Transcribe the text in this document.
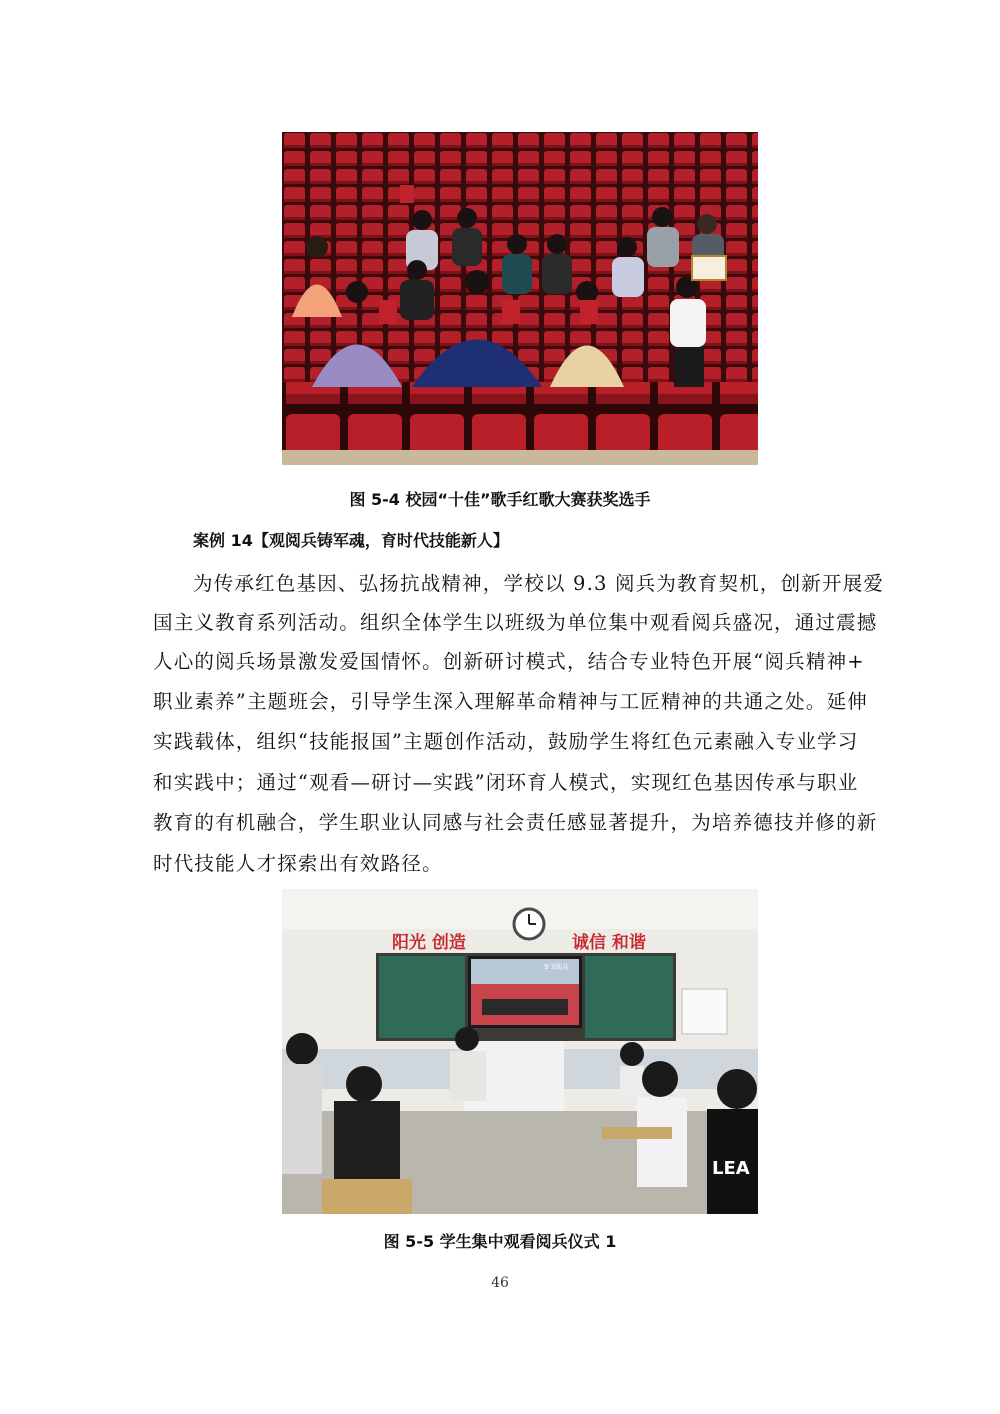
图 5-4 校园“十佳”歌手红歌大赛获奖选手
案例 14【观阅兵铸军魂，育时代技能新人】
为传承红色基因、弘扬抗战精神，学校以 9.3 阅兵为教育契机，创新开展爱
国主义教育系列活动。组织全体学生以班级为单位集中观看阅兵盛况，通过震撼
人心的阅兵场景激发爱国情怀。创新研讨模式，结合专业特色开展“阅兵精神+
职业素养”主题班会，引导学生深入理解革命精神与工匠精神的共通之处。延伸
实践载体，组织“技能报国”主题创作活动，鼓励学生将红色元素融入专业学习
和实践中；通过“观看—研讨—实践”闭环育人模式，实现红色基因传承与职业
教育的有机融合，学生职业认同感与社会责任感显著提升，为培养德技并修的新
时代技能人才探索出有效路径。
阳光 创造	诚信 和谐
9·3阅兵
LEA
图 5-5 学生集中观看阅兵仪式 1
46
